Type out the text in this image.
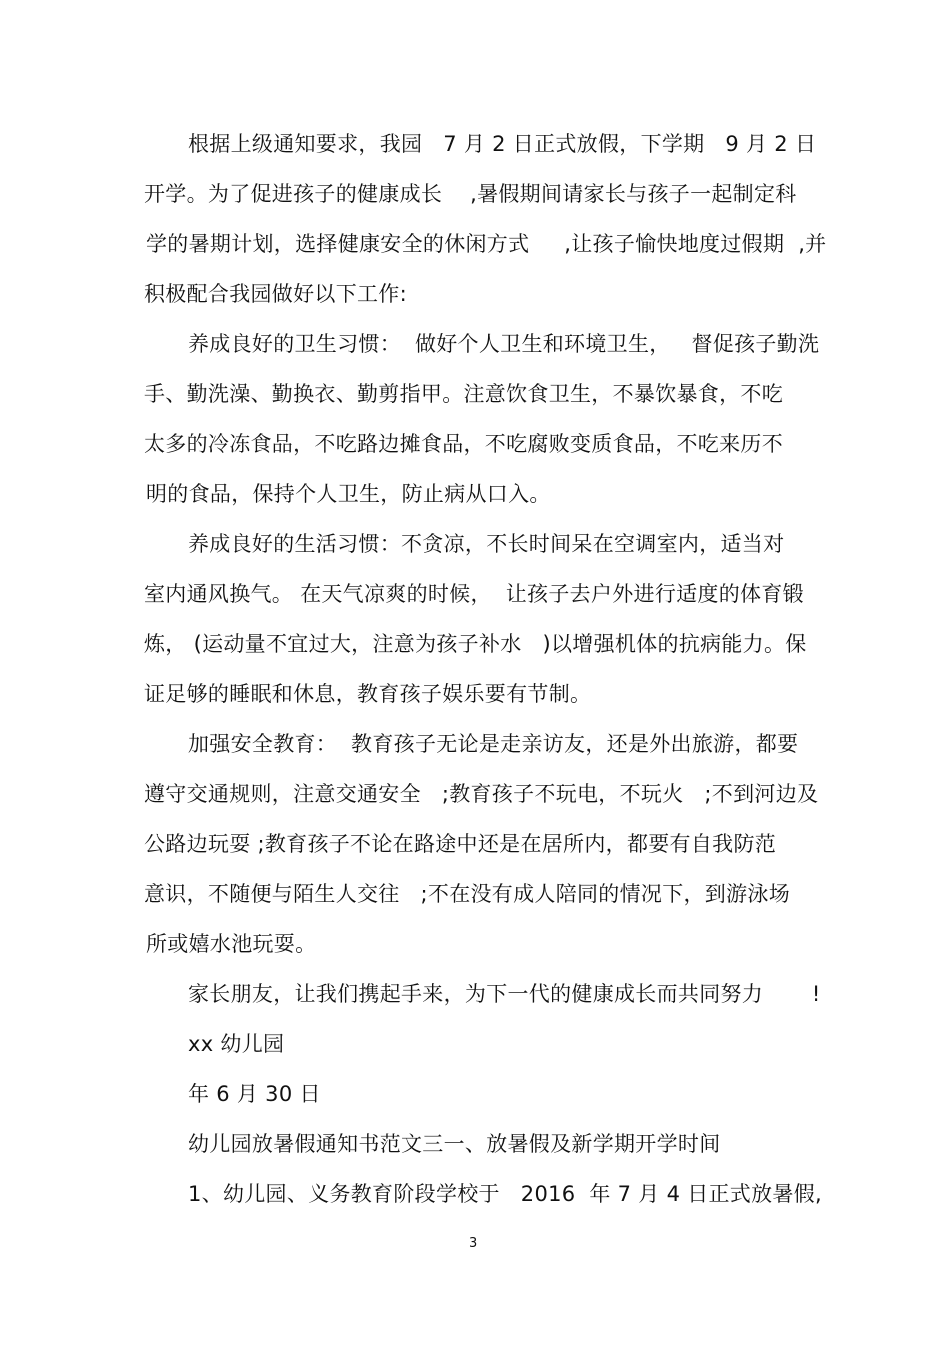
根据上级通知要求，我园   7 月 2 日正式放假，下学期   9 月 2 日
开学。为了促进孩子的健康成长    ,暑假期间请家长与孩子一起制定科
学的暑期计划，选择健康安全的休闲方式     ,让孩子愉快地度过假期  ,并
积极配合我园做好以下工作:
养成良好的卫生习惯：  做好个人卫生和环境卫生，   督促孩子勤洗
手、勤洗澡、勤换衣、勤剪指甲。注意饮食卫生，不暴饮暴食，不吃
太多的冷冻食品，不吃路边摊食品，不吃腐败变质食品，不吃来历不
明的食品，保持个人卫生，防止病从口入。
养成良好的生活习惯：不贪凉，不长时间呆在空调室内，适当对
室内通风换气。 在天气凉爽的时候，  让孩子去户外进行适度的体育锻
炼， (运动量不宜过大，注意为孩子补水   )以增强机体的抗病能力。保
证足够的睡眠和休息，教育孩子娱乐要有节制。
加强安全教育：  教育孩子无论是走亲访友，还是外出旅游，都要
遵守交通规则，注意交通安全   ;教育孩子不玩电，不玩火   ;不到河边及
公路边玩耍 ;教育孩子不论在路途中还是在居所内，都要有自我防范
意识，不随便与陌生人交往   ;不在没有成人陪同的情况下，到游泳场
所或嬉水池玩耍。
家长朋友，让我们携起手来，为下一代的健康成长而共同努力       !
xx 幼儿园
年 6 月 30 日
幼儿园放暑假通知书范文三一、放暑假及新学期开学时间
1、幼儿园、义务教育阶段学校于   2016  年 7 月 4 日正式放暑假,
3
